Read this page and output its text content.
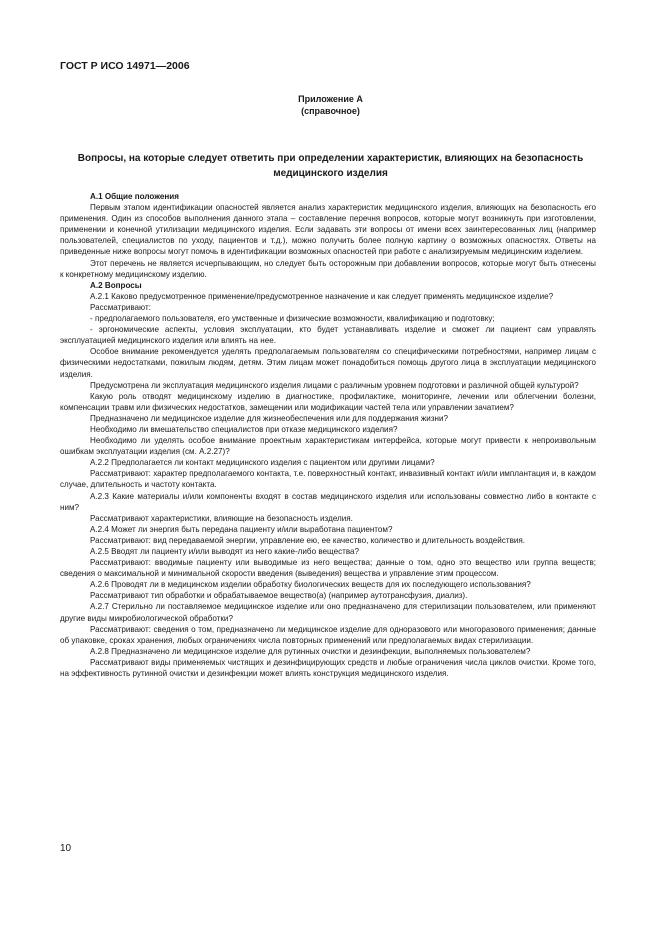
ГОСТ Р ИСО 14971—2006
Приложение А
(справочное)
Вопросы, на которые следует ответить при определении характеристик, влияющих на безопасность медицинского изделия

А.1 Общие положения

Первым этапом идентификации опасностей является анализ характеристик медицинского изделия, влияющих на безопасность его применения. Один из способов выполнения данного этапа – составление перечня вопросов, которые могут возникнуть при изготовлении, применении и конечной утилизации медицинского изделия. Если задавать эти вопросы от имени всех заинтересованных лиц (например пользователей, специалистов по уходу, пациентов и т.д.), можно получить более полную картину о возможных опасностях. Ответы на приведенные ниже вопросы могут помочь в идентификации возможных опасностей при работе с анализируемым медицинским изделием.

Этот перечень не является исчерпывающим, но следует быть осторожным при добавлении вопросов, которые могут быть отнесены к конкретному медицинскому изделию.

А.2 Вопросы

А.2.1 Каково предусмотренное применение/предусмотренное назначение и как следует применять медицинское изделие?

Рассматривают:

- предполагаемого пользователя, его умственные и физические возможности, квалификацию и подготовку;

- эргономические аспекты, условия эксплуатации, кто будет устанавливать изделие и сможет ли пациент сам управлять эксплуатацией медицинского изделия или влиять на нее.

Особое внимание рекомендуется уделять предполагаемым пользователям со специфическими потребностями, например лицам с физическими недостатками, пожилым людям, детям. Этим лицам может понадобиться помощь другого лица в эксплуатации медицинского изделия.

Предусмотрена ли эксплуатация медицинского изделия лицами с различным уровнем подготовки и различной общей культурой?

Какую роль отводят медицинскому изделию в диагностике, профилактике, мониторинге, лечении или облегчении болезни, компенсации травм или физических недостатков, замещении или модификации частей тела или управлении зачатием?

Предназначено ли медицинское изделие для жизнеобеспечения или для поддержания жизни?

Необходимо ли вмешательство специалистов при отказе медицинского изделия?

Необходимо ли уделять особое внимание проектным характеристикам интерфейса, которые могут привести к непроизвольным ошибкам эксплуатации изделия (см. А.2.27)?

А.2.2 Предполагается ли контакт медицинского изделия с пациентом или другими лицами?

Рассматривают: характер предполагаемого контакта, т.е. поверхностный контакт, инвазивный контакт и/или имплантация и, в каждом случае, длительность и частоту контакта.

А.2.3 Какие материалы и/или компоненты входят в состав медицинского изделия или использованы совместно либо в контакте с ним?

Рассматривают характеристики, влияющие на безопасность изделия.

А.2.4 Может ли энергия быть передана пациенту и/или выработана пациентом?

Рассматривают: вид передаваемой энергии, управление ею, ее качество, количество и длительность воздействия.

А.2.5 Вводят ли пациенту и/или выводят из него какие-либо вещества?

Рассматривают: вводимые пациенту или выводимые из него вещества; данные о том, одно это вещество или группа веществ; сведения о максимальной и минимальной скорости введения (выведения) вещества и управление этим процессом.

А.2.6 Проводят ли в медицинском изделии обработку биологических веществ для их последующего использования?

Рассматривают тип обработки и обрабатываемое вещество(а) (например аутотрансфузия, диализ).

А.2.7 Стерильно ли поставляемое медицинское изделие или оно предназначено для стерилизации пользователем, или применяют другие виды микробиологической обработки?

Рассматривают: сведения о том, предназначено ли медицинское изделие для одноразового или многоразового применения; данные об упаковке, сроках хранения, любых ограничениях числа повторных применений или предполагаемых видах стерилизации.

А.2.8 Предназначено ли медицинское изделие для рутинных очистки и дезинфекции, выполняемых пользователем?

Рассматривают виды применяемых чистящих и дезинфицирующих средств и любые ограничения числа циклов очистки. Кроме того, на эффективность рутинной очистки и дезинфекции может влиять конструкция медицинского изделия.

10
